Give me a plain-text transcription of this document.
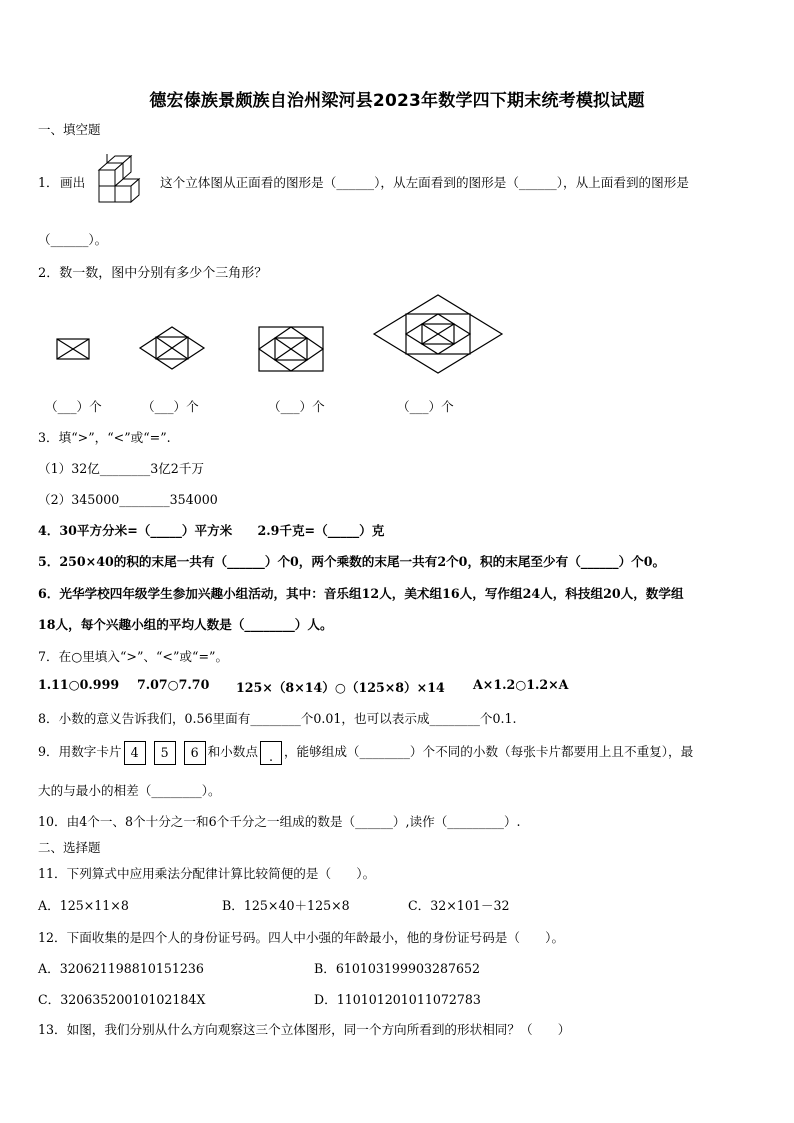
德宏傣族景颇族自治州梁河县2023年数学四下期末统考模拟试题
一、填空题
1． 画出	这个立体图从正面看的图形是（______），从左面看到的图形是（______），从上面看到的图形是
（______）。
2．数一数，图中分别有多少个三角形？
（___）个	（___）个	（___）个	（___）个
3．填“>”，“<”或“=”.
（1）32亿________3亿2千万
（2）345000________354000
4．30平方分米=（_____）平方米　　2.9千克=（_____）克
5．250×40的积的末尾一共有（______）个0，两个乘数的末尾一共有2个0，积的末尾至少有（______）个0。
6．光华学校四年级学生参加兴趣小组活动，其中：音乐组12人，美术组16人，写作组24人，科技组20人，数学组
18人，每个兴趣小组的平均人数是（________）人。
7．在○里填入“>”、“<”或“=”。
1.11○0.999 7.07○7.70 125×（8×14）○（125×8）×14 A×1.2○1.2×A
8．小数的意义告诉我们，0.56里面有________个0.01，也可以表示成________个0.1.
9．用数字卡片 4 5 6 和小数点 . ，能够组成（________）个不同的小数（每张卡片都要用上且不重复），最
大的与最小的相差（________）。
10．由4个一、8个十分之一和6个千分之一组成的数是（______）,读作（_________）.
二、选择题
11．下列算式中应用乘法分配律计算比较简便的是（　　）。
A．125×11×8	B．125×40＋125×8	C．32×101－32
12．下面收集的是四个人的身份证号码。四人中小强的年龄最小，他的身份证号码是（　　）。
A．320621198810151236	B．610103199903287652
C．32063520010102184X	D．110101201011072783
13．如图，我们分别从什么方向观察这三个立体图形，同一个方向所看到的形状相同？（　　）
